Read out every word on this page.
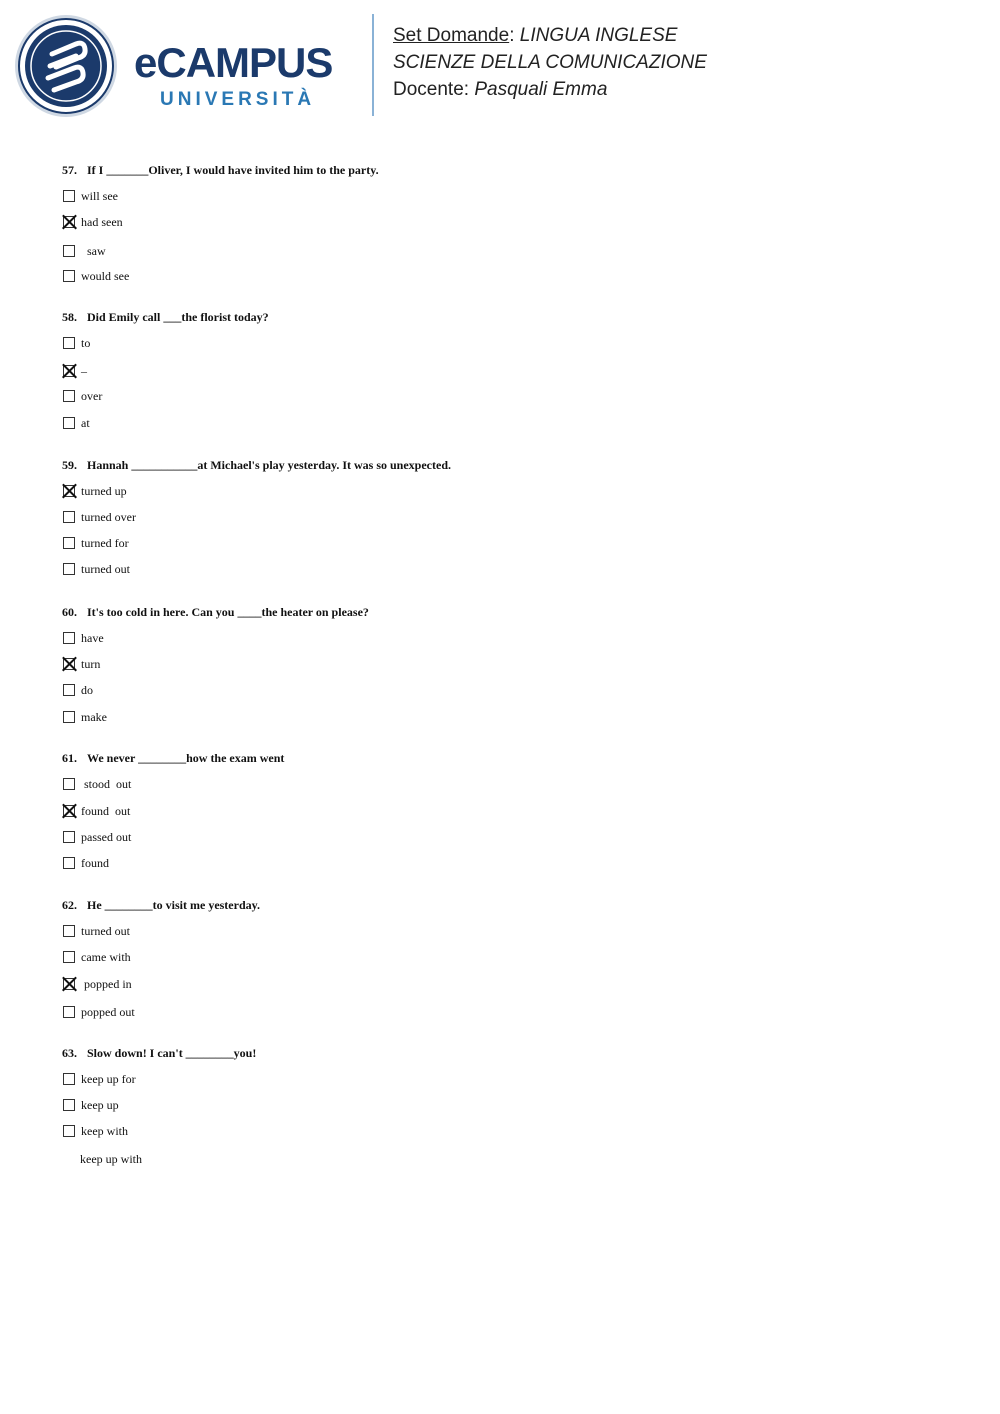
eCAMPUS
UNIVERSITÀ
Set Domande: LINGUA INGLESE
SCIENZE DELLA COMUNICAZIONE
Docente: Pasquali Emma
57. If I _______Oliver, I would have invited him to the party.
will see
had seen
saw
would see
58. Did Emily call ___the florist today?
to
–
over
at
59. Hannah ___________at Michael's play yesterday. It was so unexpected.
turned up
turned over
turned for
turned out
60. It's too cold in here. Can you ____the heater on please?
have
turn
do
make
61. We never ________how the exam went
stood  out
found  out
passed out
found
62. He ________to visit me yesterday.
turned out
came with
popped in
popped out
63. Slow down! I can't ________you!
keep up for
keep up
keep with
keep up with
